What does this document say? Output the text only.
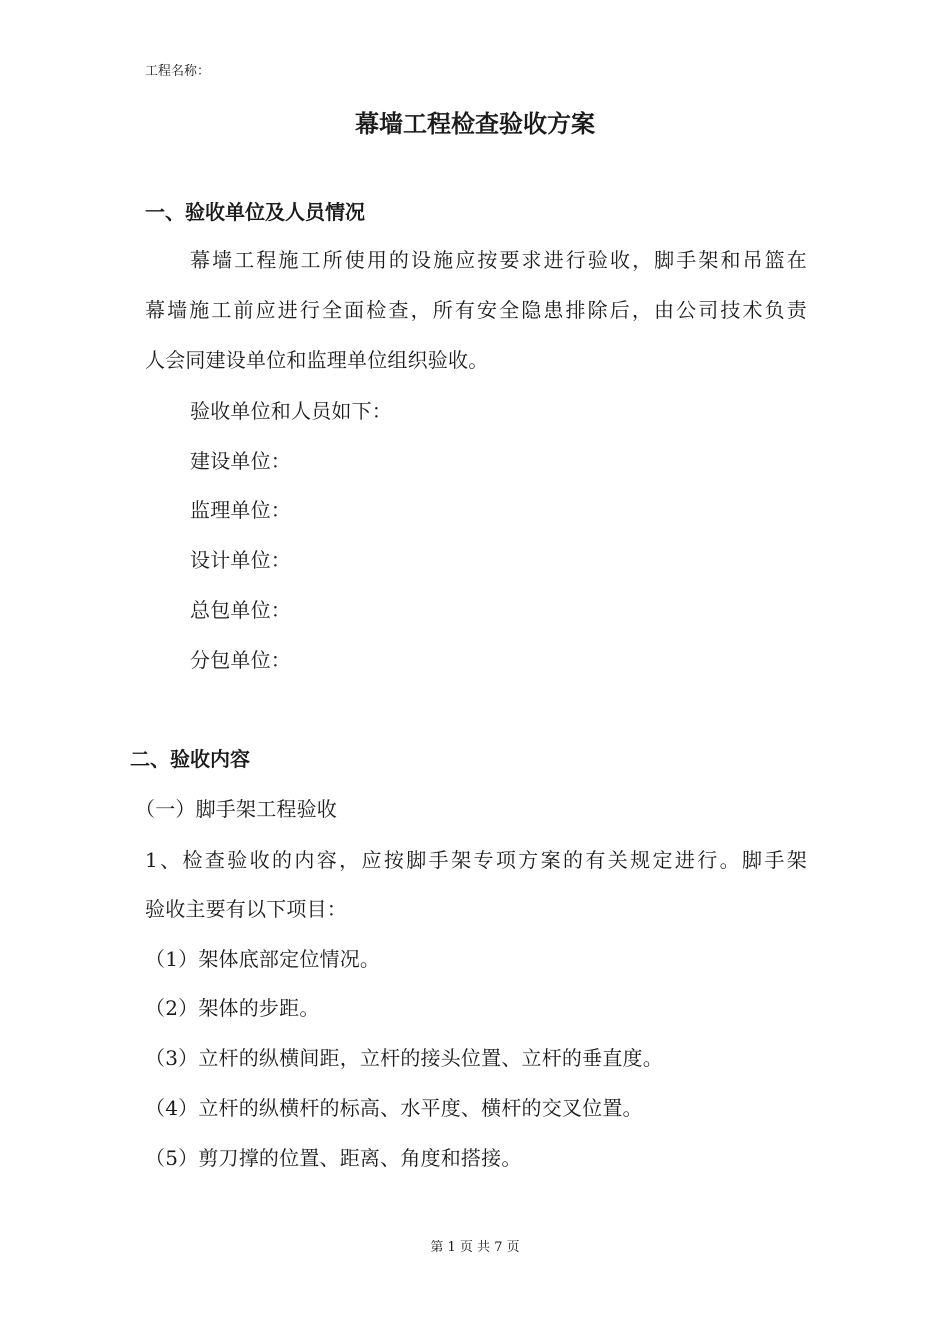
工程名称：
幕墙工程检查验收方案
一、验收单位及人员情况
幕墙工程施工所使用的设施应按要求进行验收，脚手架和吊篮在
幕墙施工前应进行全面检查，所有安全隐患排除后，由公司技术负责
人会同建设单位和监理单位组织验收。
验收单位和人员如下：
建设单位：
监理单位：
设计单位：
总包单位：
分包单位：
二、验收内容
（一）脚手架工程验收
1、检查验收的内容，应按脚手架专项方案的有关规定进行。脚手架
验收主要有以下项目：
（1）架体底部定位情况。
（2）架体的步距。
（3）立杆的纵横间距，立杆的接头位置、立杆的垂直度。
（4）立杆的纵横杆的标高、水平度、横杆的交叉位置。
（5）剪刀撑的位置、距离、角度和搭接。
第 1 页 共 7 页
